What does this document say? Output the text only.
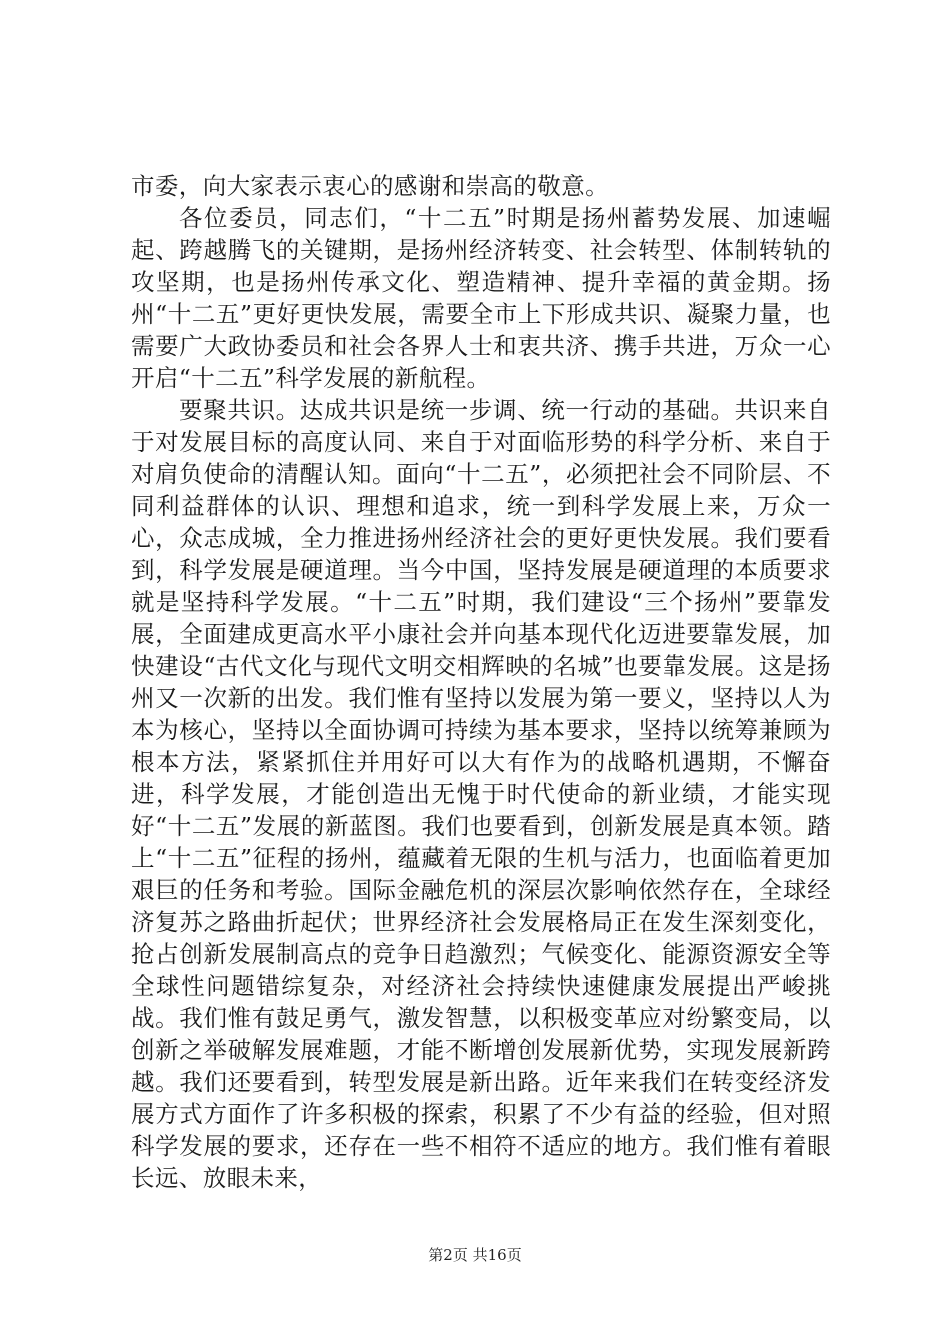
市委，向大家表示衷心的感谢和崇高的敬意。

各位委员，同志们，“十二五”时期是扬州蓄势发展、加速崛起、跨越腾飞的关键期，是扬州经济转变、社会转型、体制转轨的攻坚期，也是扬州传承文化、塑造精神、提升幸福的黄金期。扬州“十二五”更好更快发展，需要全市上下形成共识、凝聚力量，也需要广大政协委员和社会各界人士和衷共济、携手共进，万众一心开启“十二五”科学发展的新航程。

要聚共识。达成共识是统一步调、统一行动的基础。共识来自于对发展目标的高度认同、来自于对面临形势的科学分析、来自于对肩负使命的清醒认知。面向“十二五”，必须把社会不同阶层、不同利益群体的认识、理想和追求，统一到科学发展上来，万众一心，众志成城，全力推进扬州经济社会的更好更快发展。我们要看到，科学发展是硬道理。当今中国，坚持发展是硬道理的本质要求就是坚持科学发展。“十二五”时期，我们建设“三个扬州”要靠发展，全面建成更高水平小康社会并向基本现代化迈进要靠发展，加快建设“古代文化与现代文明交相辉映的名城”也要靠发展。这是扬州又一次新的出发。我们惟有坚持以发展为第一要义，坚持以人为本为核心，坚持以全面协调可持续为基本要求，坚持以统筹兼顾为根本方法，紧紧抓住并用好可以大有作为的战略机遇期，不懈奋进，科学发展，才能创造出无愧于时代使命的新业绩，才能实现好“十二五”发展的新蓝图。我们也要看到，创新发展是真本领。踏上“十二五”征程的扬州，蕴藏着无限的生机与活力，也面临着更加艰巨的任务和考验。国际金融危机的深层次影响依然存在，全球经济复苏之路曲折起伏；世界经济社会发展格局正在发生深刻变化，抢占创新发展制高点的竞争日趋激烈；气候变化、能源资源安全等全球性问题错综复杂，对经济社会持续快速健康发展提出严峻挑战。我们惟有鼓足勇气，激发智慧，以积极变革应对纷繁变局，以创新之举破解发展难题，才能不断增创发展新优势，实现发展新跨越。我们还要看到，转型发展是新出路。近年来我们在转变经济发展方式方面作了许多积极的探索，积累了不少有益的经验，但对照科学发展的要求，还存在一些不相符不适应的地方。我们惟有着眼长远、放眼未来，

第2页 共16页
